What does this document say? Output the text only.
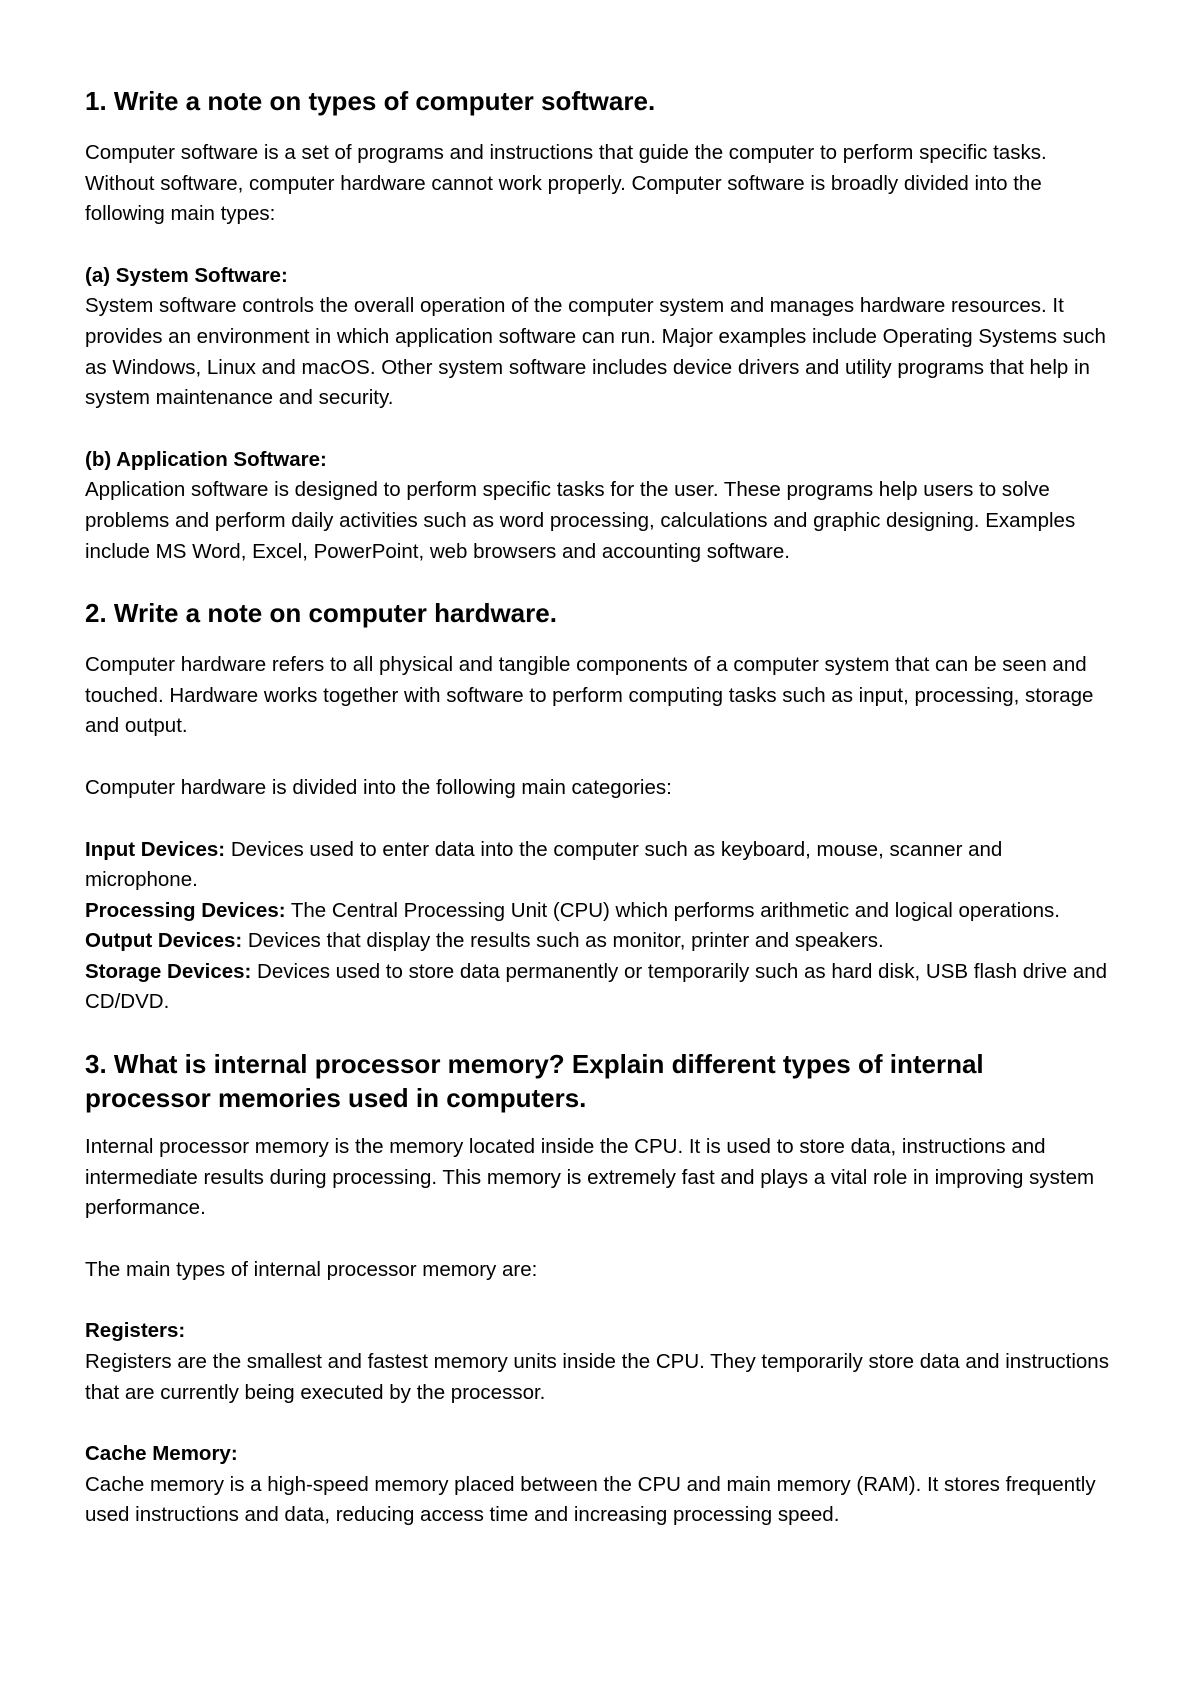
1. Write a note on types of computer software.

Computer software is a set of programs and instructions that guide the computer to perform specific tasks. Without software, computer hardware cannot work properly. Computer software is broadly divided into the following main types:

(a) System Software:
System software controls the overall operation of the computer system and manages hardware resources. It provides an environment in which application software can run. Major examples include Operating Systems such as Windows, Linux and macOS. Other system software includes device drivers and utility programs that help in system maintenance and security.

(b) Application Software:
Application software is designed to perform specific tasks for the user. These programs help users to solve problems and perform daily activities such as word processing, calculations and graphic designing. Examples include MS Word, Excel, PowerPoint, web browsers and accounting software.

2. Write a note on computer hardware.

Computer hardware refers to all physical and tangible components of a computer system that can be seen and touched. Hardware works together with software to perform computing tasks such as input, processing, storage and output.

Computer hardware is divided into the following main categories:

Input Devices: Devices used to enter data into the computer such as keyboard, mouse, scanner and microphone.
Processing Devices: The Central Processing Unit (CPU) which performs arithmetic and logical operations.
Output Devices: Devices that display the results such as monitor, printer and speakers.
Storage Devices: Devices used to store data permanently or temporarily such as hard disk, USB flash drive and CD/DVD.

3. What is internal processor memory? Explain different types of internal processor memories used in computers.

Internal processor memory is the memory located inside the CPU. It is used to store data, instructions and intermediate results during processing. This memory is extremely fast and plays a vital role in improving system performance.

The main types of internal processor memory are:

Registers:
Registers are the smallest and fastest memory units inside the CPU. They temporarily store data and instructions that are currently being executed by the processor.

Cache Memory:
Cache memory is a high-speed memory placed between the CPU and main memory (RAM). It stores frequently used instructions and data, reducing access time and increasing processing speed.
